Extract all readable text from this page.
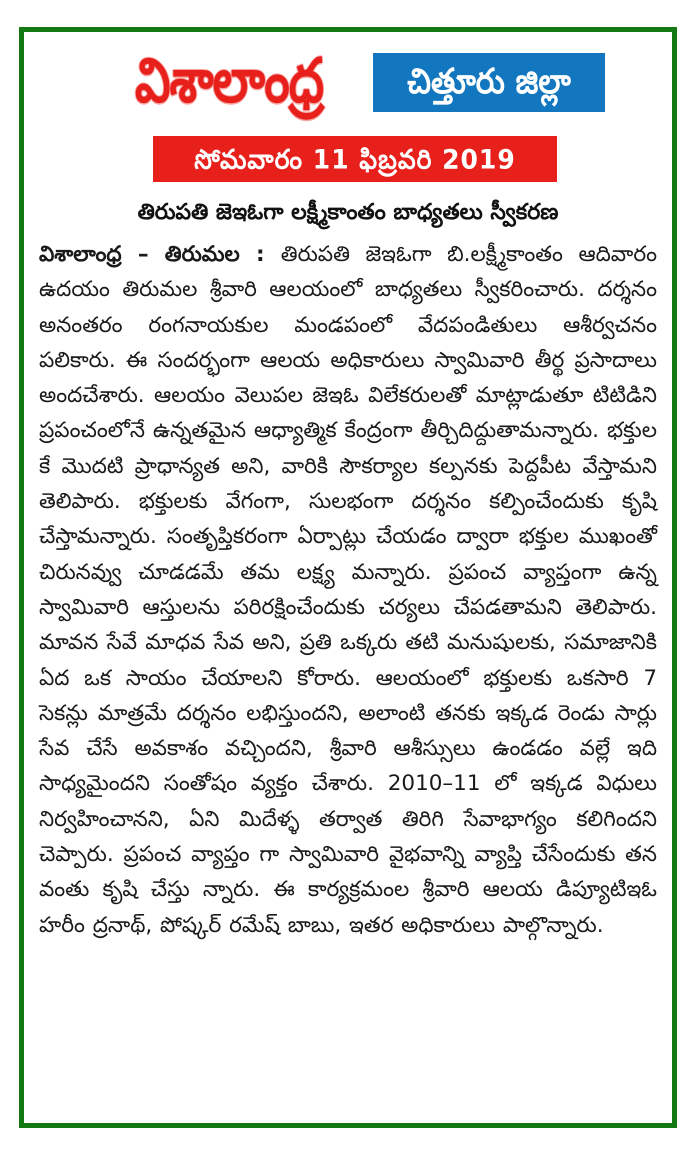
విశాలాంధ్ర	చిత్తూరు జిల్లా
సోమవారం 11 ఫిబ్రవరి 2019
తిరుపతి జెఇఓగా లక్ష్మీకాంతం బాధ్యతలు స్వీకరణ

విశాలాంధ్ర – తిరుమల : తిరుపతి జెఇఓగా బి.లక్ష్మీకాంతం ఆదివారం ఉదయం తిరుమల శ్రీవారి ఆలయంలో బాధ్యతలు స్వీకరించారు. దర్శనం అనంతరం రంగనాయకుల మండపంలో వేదపండితులు ఆశీర్వచనం పలికారు. ఈ సందర్భంగా ఆలయ అధికారులు స్వామివారి తీర్థ ప్రసాదాలు అందచేశారు. ఆలయం వెలుపల జెఇఓ విలేకరులతో మాట్లాడుతూ టిటిడిని ప్రపంచంలోనే ఉన్నతమైన ఆధ్యాత్మిక కేంద్రంగా తీర్చిదిద్దుతామన్నారు. భక్తుల కే మొదటి ప్రాధాన్యత అని, వారికి సౌకర్యాల కల్పనకు పెద్దపీట వేస్తామని తెలిపారు. భక్తులకు వేగంగా, సులభంగా దర్శనం కల్పించేందుకు కృషి చేస్తామన్నారు. సంతృప్తికరంగా ఏర్పాట్లు చేయడం ద్వారా భక్తుల ముఖంతో చిరునవ్వు చూడడమే తమ లక్ష్య మన్నారు. ప్రపంచ వ్యాప్తంగా ఉన్న స్వామివారి ఆస్తులను పరిరక్షించేందుకు చర్యలు చేపడతామని తెలిపారు. మావన సేవే మాధవ సేవ అని, ప్రతి ఒక్కరు తటి మనుషులకు, సమాజానికి ఏద ఒక సాయం చేయాలని కోరారు. ఆలయంలో భక్తులకు ఒకసారి 7 సెకన్లు మాత్రమే దర్శనం లభిస్తుందని, అలాంటి తనకు ఇక్కడ రెండు సార్లు సేవ చేసే అవకాశం వచ్చిందని, శ్రీవారి ఆశీస్సులు ఉండడం వల్లే ఇది సాధ్యమైందని సంతోషం వ్యక్తం చేశారు. 2010–11 లో ఇక్కడ విధులు నిర్వహించానని, ఏని మిదేళ్ళ తర్వాత తిరిగి సేవాభాగ్యం కలిగిందని చెప్పారు. ప్రపంచ వ్యాప్తం గా స్వామివారి వైభవాన్ని వ్యాప్తి చేసేందుకు తన వంతు కృషి చేస్తు న్నారు. ఈ కార్యక్రమంల శ్రీవారి ఆలయ డిప్యూటిఇఓ హరీం ద్రనాథ్, పోష్కర్ రమేష్ బాబు, ఇతర అధికారులు పాల్గొన్నారు.
